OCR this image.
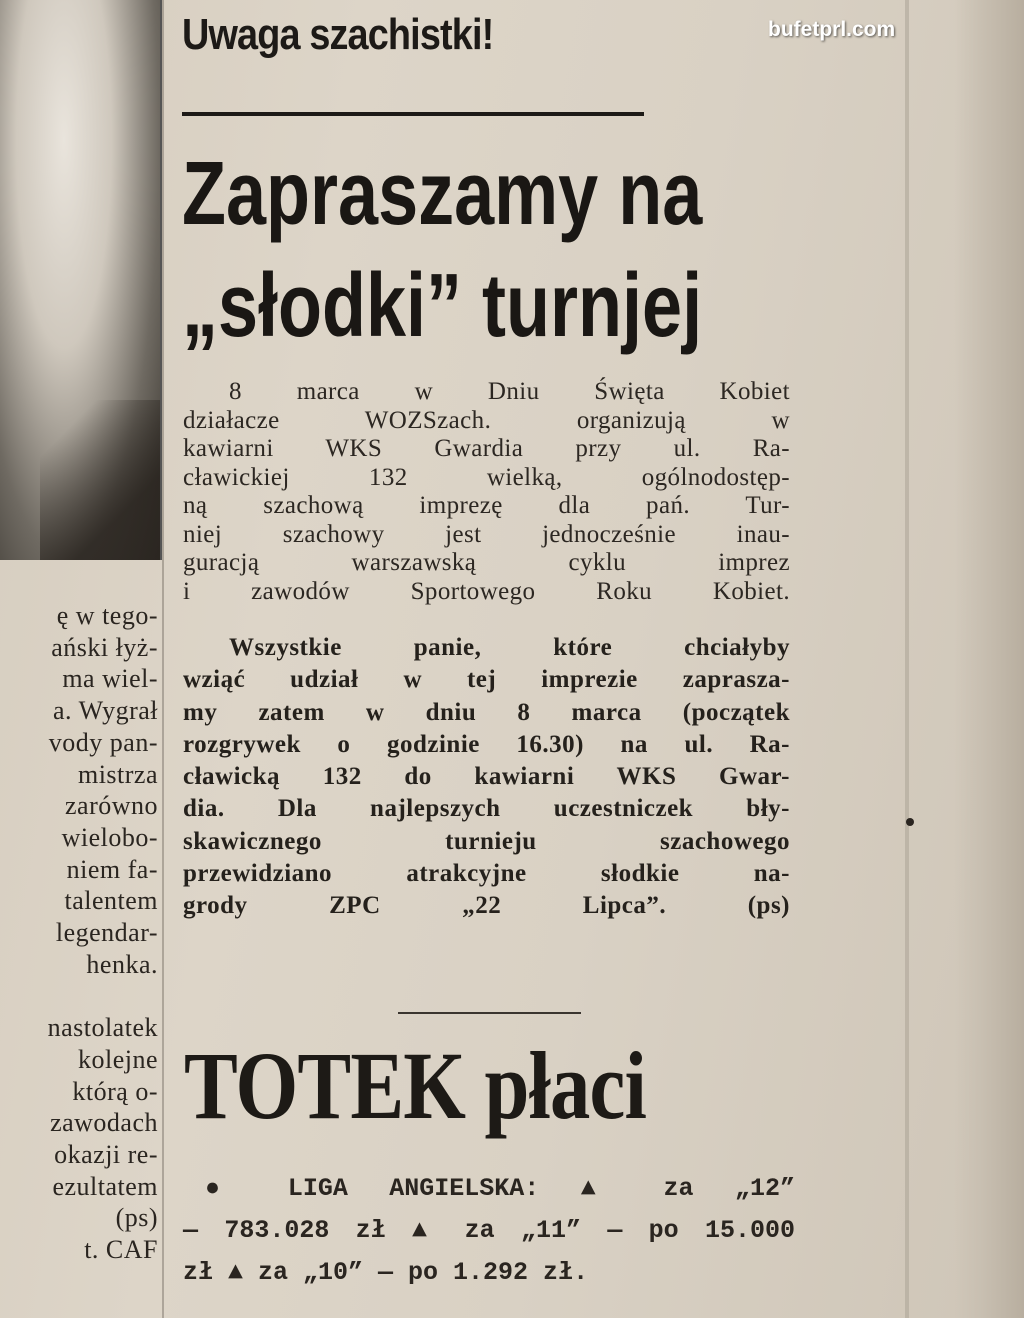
ę w tego-
ański łyż-
ma wiel-
a. Wygrał
vody pan-
mistrza
zarówno
wielobo-
niem fa-
talentem
legendar-
henka.

nastolatek
kolejne
którą o-
zawodach
okazji re-
ezultatem
(ps)
t. CAF
Uwaga szachistki!
Zapraszamy na
„słodki” turnjej
8 marca w Dniu Święta Kobiet
działacze WOZSzach. organizują w
kawiarni WKS Gwardia przy ul. Ra-
cławickiej 132 wielką, ogólnodostęp-
ną szachową imprezę dla pań. Tur-
niej szachowy jest jednocześnie inau-
guracją warszawską cyklu imprez
i zawodów Sportowego Roku Kobiet.
Wszystkie panie, które chciałyby
wziąć udział w tej imprezie zaprasza-
my zatem w dniu 8 marca (początek
rozgrywek o godzinie 16.30) na ul. Ra-
cławicką 132 do kawiarni WKS Gwar-
dia. Dla najlepszych uczestniczek bły-
skawicznego turnieju szachowego
przewidziano atrakcyjne słodkie na-
grody ZPC „22 Lipca”. (ps)
TOTEK płaci
● LIGA ANGIELSKA: ▲ za „12”
— 783.028 zł ▲ za „11” — po 15.000
zł ▲ za „10” — po 1.292 zł.
bufetprl.com
